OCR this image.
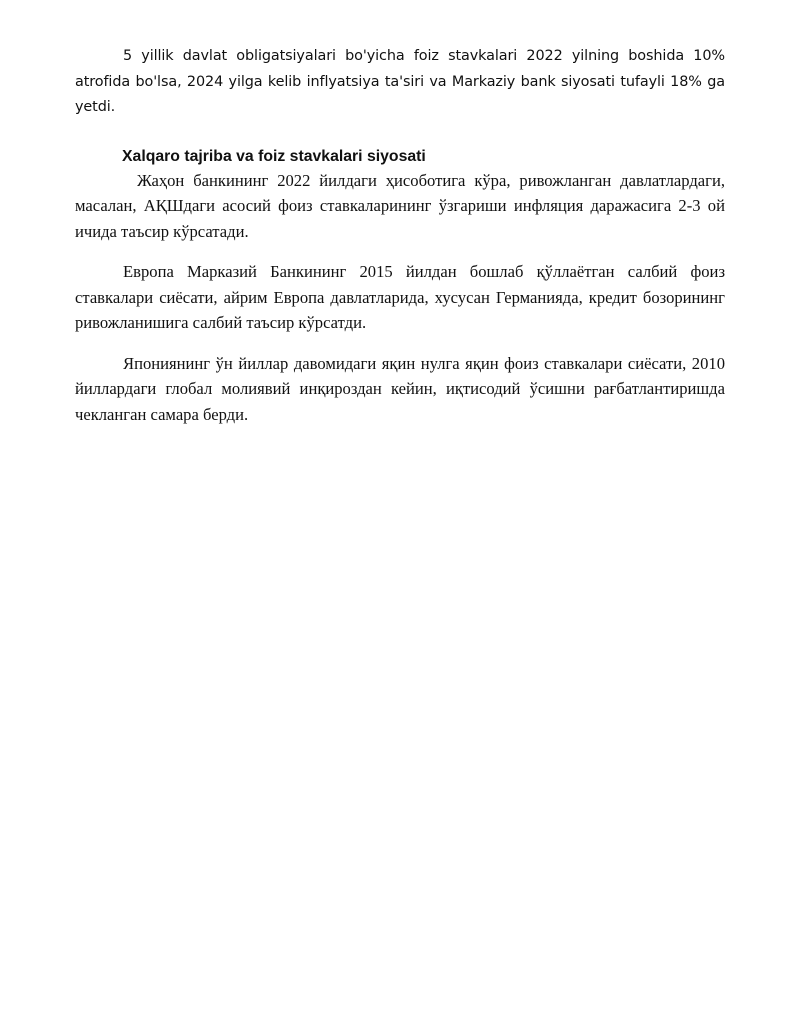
5 yillik davlat obligatsiyalari bo'yicha foiz stavkalari 2022 yilning boshida 10% atrofida bo'lsa, 2024 yilga kelib inflyatsiya ta'siri va Markaziy bank siyosati tufayli 18% ga yetdi.

Xalqaro tajriba va foiz stavkalari siyosati

Жаҳон банкининг 2022 йилдаги ҳисоботига кўра, ривожланган давлатлардаги, масалан, АҚШдаги асосий фоиз ставкаларининг ўзгариши инфляция даражасига 2-3 ой ичида таъсир кўрсатади.

Европа Марказий Банкининг 2015 йилдан бошлаб қўллаётган салбий фоиз ставкалари сиёсати, айрим Европа давлатларида, хусусан Германияда, кредит бозорининг ривожланишига салбий таъсир кўрсатди.

Япониянинг ўн йиллар давомидаги яқин нулга яқин фоиз ставкалари сиёсати, 2010 йиллардаги глобал молиявий инқироздан кейин, иқтисодий ўсишни рағбатлантиришда чекланган самара берди.
